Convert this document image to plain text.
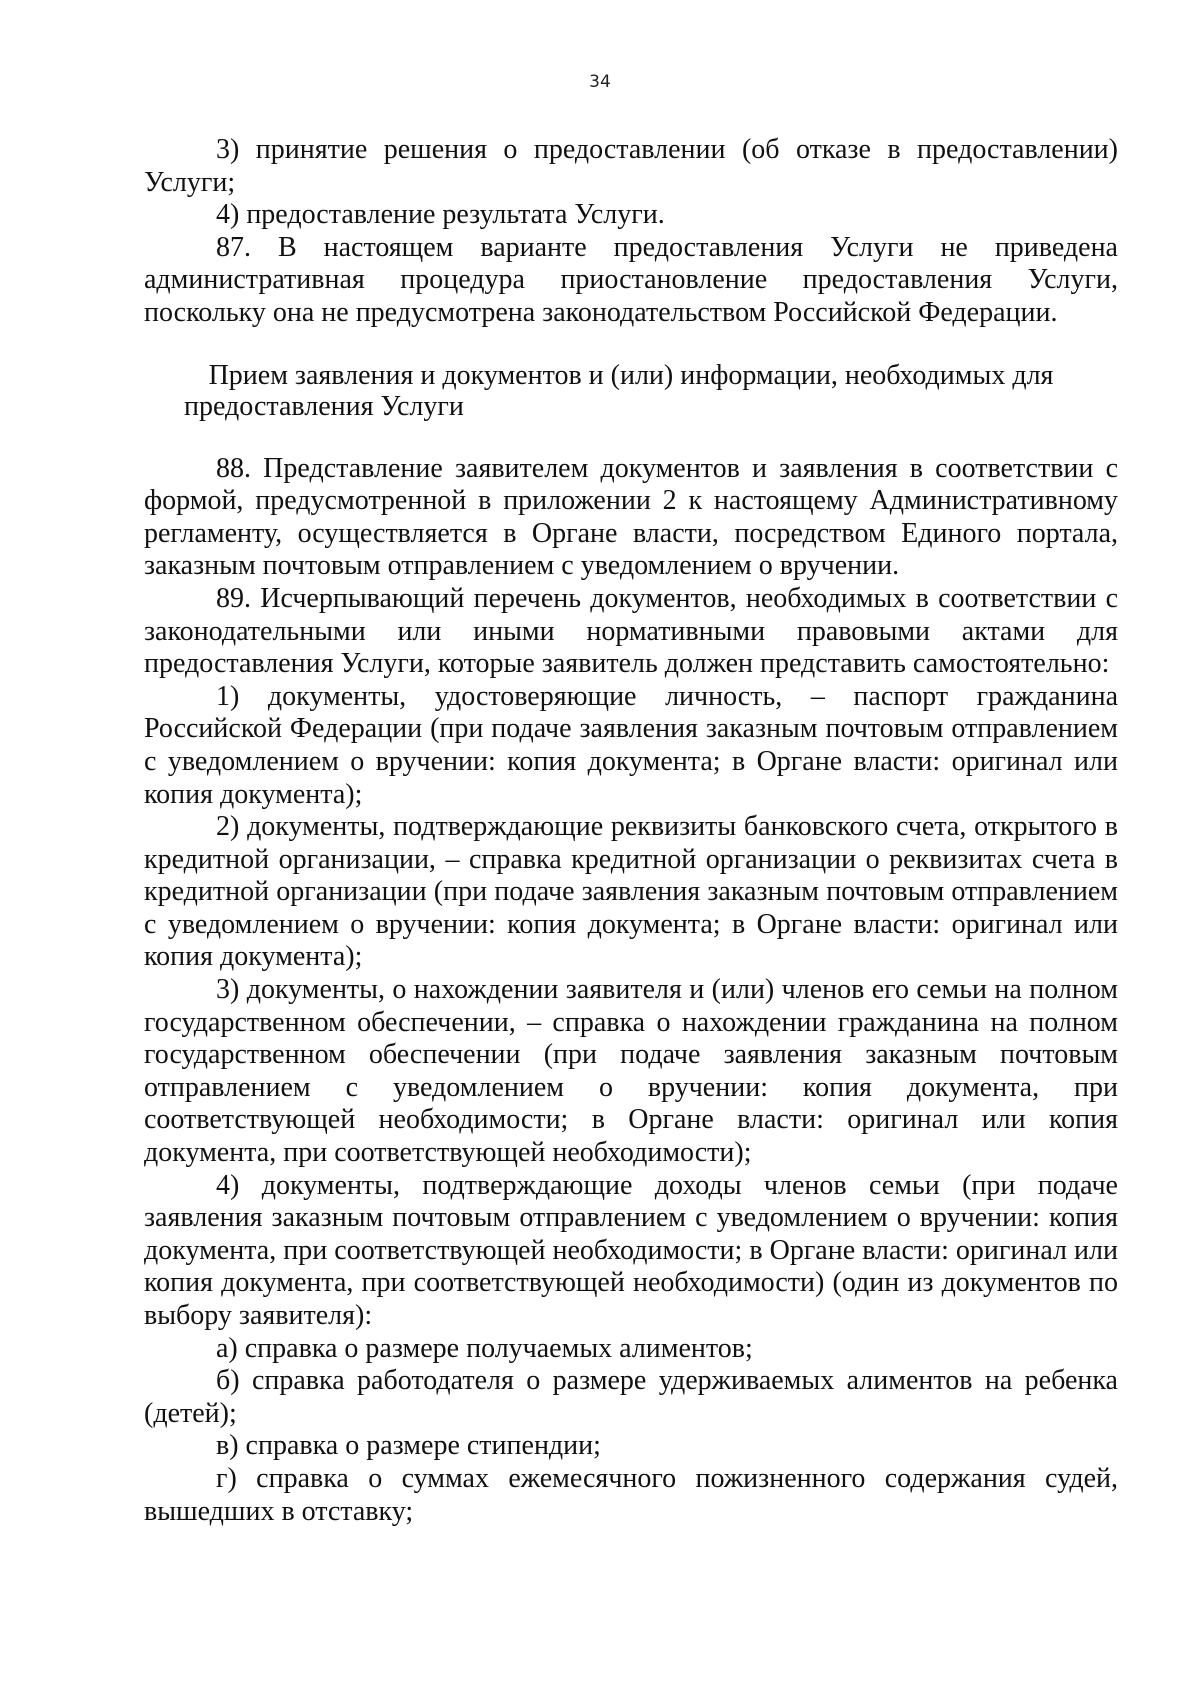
34

3) принятие решения о предоставлении (об отказе в предоставлении) Услуги;

4) предоставление результата Услуги.

87. В настоящем варианте предоставления Услуги не приведена административная процедура приостановление предоставления Услуги, поскольку она не предусмотрена законодательством Российской Федерации.

Прием заявления и документов и (или) информации, необходимых для предоставления Услуги

88. Представление заявителем документов и заявления в соответствии с формой, предусмотренной в приложении 2 к настоящему Административному регламенту, осуществляется в Органе власти, посредством Единого портала, заказным почтовым отправлением с уведомлением о вручении.

89. Исчерпывающий перечень документов, необходимых в соответствии с законодательными или иными нормативными правовыми актами для предоставления Услуги, которые заявитель должен представить самостоятельно:

1) документы, удостоверяющие личность, – паспорт гражданина Российской Федерации (при подаче заявления заказным почтовым отправлением с уведомлением о вручении: копия документа; в Органе власти: оригинал или копия документа);

2) документы, подтверждающие реквизиты банковского счета, открытого в кредитной организации, – справка кредитной организации о реквизитах счета в кредитной организации (при подаче заявления заказным почтовым отправлением с уведомлением о вручении: копия документа; в Органе власти: оригинал или копия документа);

3) документы, о нахождении заявителя и (или) членов его семьи на полном государственном обеспечении, – справка о нахождении гражданина на полном государственном обеспечении (при подаче заявления заказным почтовым отправлением с уведомлением о вручении: копия документа, при соответствующей необходимости; в Органе власти: оригинал или копия документа, при соответствующей необходимости);

4) документы, подтверждающие доходы членов семьи (при подаче заявления заказным почтовым отправлением с уведомлением о вручении: копия документа, при соответствующей необходимости; в Органе власти: оригинал или копия документа, при соответствующей необходимости) (один из документов по выбору заявителя):

а) справка о размере получаемых алиментов;

б) справка работодателя о размере удерживаемых алиментов на ребенка (детей);

в) справка о размере стипендии;

г) справка о суммах ежемесячного пожизненного содержания судей, вышедших в отставку;
